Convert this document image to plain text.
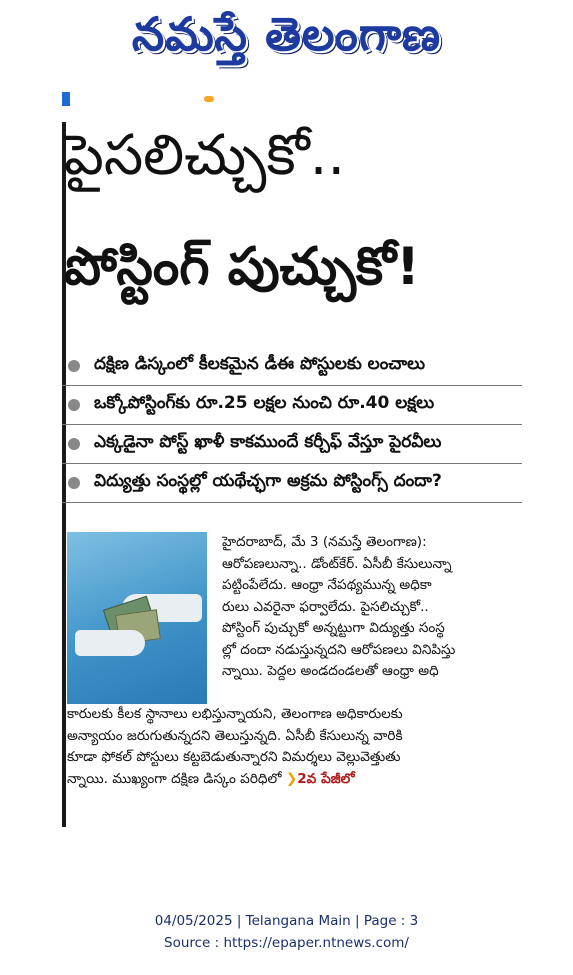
నమస్తే తెలంగాణ
పైసలిచ్చుకో..
పోస్టింగ్ పుచ్చుకో!
దక్షిణ డిస్కంలో కీలకమైన డీఈ పోస్టులకు లంచాలు
ఒక్కోపోస్టింగ్‌కు రూ.25 లక్షల నుంచి రూ.40 లక్షలు
ఎక్కడైనా పోస్ట్ ఖాళీ కాకముందే కర్చీఫ్ వేస్తూ పైరవీలు
విద్యుత్తు సంస్థల్లో యథేచ్ఛగా అక్రమ పోస్టింగ్స్ దందా?
హైదరాబాద్, మే 3 (నమస్తే తెలంగాణ):
ఆరోపణలున్నా.. డోంట్‌కేర్. ఏసీబీ కేసులున్నా
పట్టింపేలేదు. ఆంధ్రా నేపథ్యమున్న అధికా
రులు ఎవరైనా ఫర్వాలేదు. పైసలిచ్చుకో..
పోస్టింగ్ పుచ్చుకో అన్నట్టుగా విద్యుత్తు సంస్థ
ల్లో దందా నడుస్తున్నదని ఆరోపణలు వినిపిస్తు
న్నాయి. పెద్దల అండదండలతో ఆంధ్రా అధి
కారులకు కీలక స్థానాలు లభిస్తున్నాయని, తెలంగాణ అధికారులకు
అన్యాయం జరుగుతున్నదని తెలుస్తున్నది. ఏసీబీ కేసులున్న వారికి
కూడా ఫోకల్ పోస్టులు కట్టబెడుతున్నారని విమర్శలు వెల్లువెత్తుతు
న్నాయి. ముఖ్యంగా దక్షిణ డిస్కం పరిధిలో ❯2వ పేజీలో
04/05/2025 | Telangana Main | Page : 3
Source : https://epaper.ntnews.com/
